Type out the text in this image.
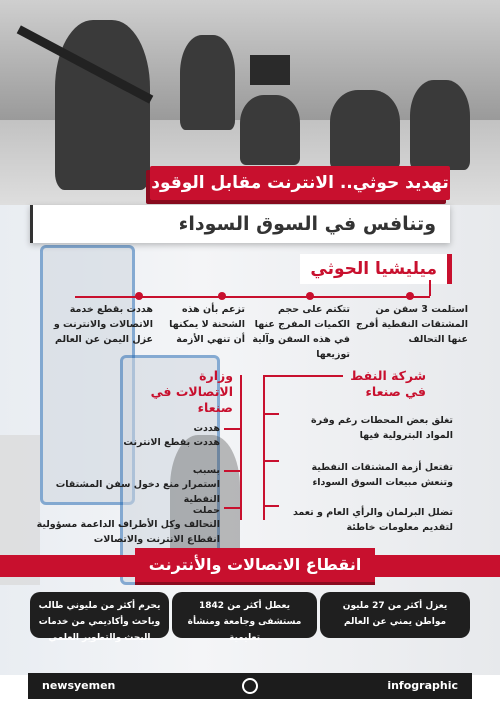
تهديد حوثي.. الانترنت مقابل الوقود
وتنافس في السوق السوداء
ميليشيا الحوثي
استلمت 3 سفن من المشتقات النفطية أفرج عنها التحالف
تتكتم على حجم الكميات المفرج عنها في هذه السفن وآلية توزيعها
تزعم بأن هذه الشحنة لا يمكنها أن تنهي الأزمة
هددت بقطع خدمة الاتصالات والانترنت و عزل اليمن عن العالم
شركة النفط في صنعاء
تغلق بعض المحطات رغم وفرة المواد البترولية فيها
تفتعل أزمة المشتقات النفطية وتنعش مبيعات السوق السوداء
تضلل البرلمان والرأي العام و تعمد لتقديم معلومات خاطئة
وزارة الاتصالات في صنعاء
هددت
هددت بقطع الانترنت
بسبب
استمرار منع دخول سفن المشتقات النفطية
حملت
التحالف وكل الأطراف الداعمة مسؤولية انقطاع الانترنت والاتصالات
انقطاع الاتصالات والأنترنت
يعزل أكثر من 27 مليون مواطن يمني عن العالم
يعطل أكثر من 1842 مستشفى وجامعة ومنشأة تعليمية
يحرم أكثر من مليوني طالب وباحث وأكاديمي من خدمات البحث والتطوير العلمي
newsyemen	infographic
